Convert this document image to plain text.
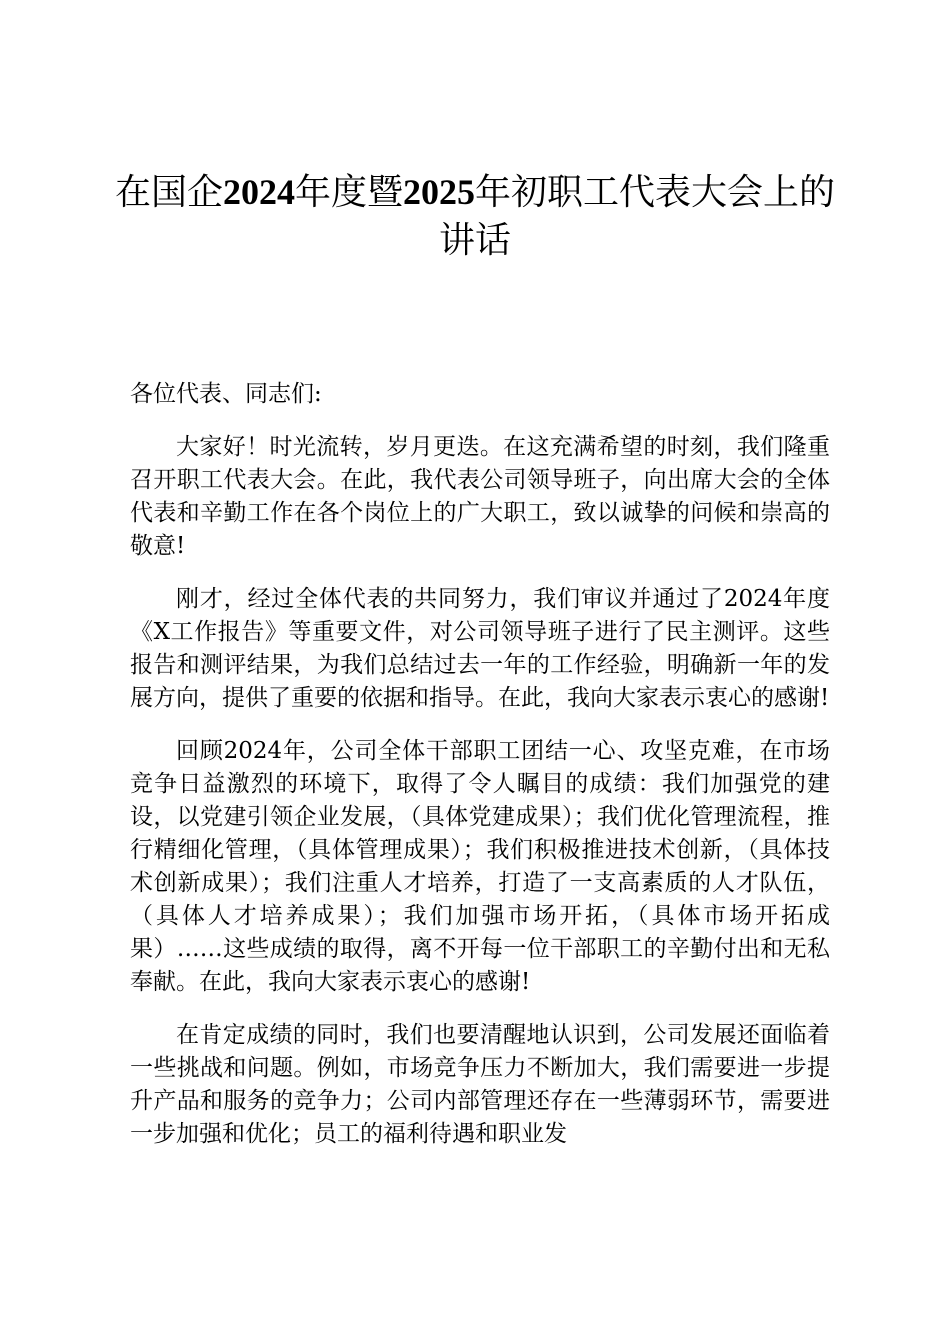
在国企2024年度暨2025年初职工代表大会上的讲话

各位代表、同志们:

大家好！时光流转，岁月更迭。在这充满希望的时刻，我们隆重召开职工代表大会。在此，我代表公司领导班子，向出席大会的全体代表和辛勤工作在各个岗位上的广大职工，致以诚挚的问候和崇高的敬意!

刚才，经过全体代表的共同努力，我们审议并通过了2024年度《X工作报告》等重要文件，对公司领导班子进行了民主测评。这些报告和测评结果，为我们总结过去一年的工作经验，明确新一年的发展方向，提供了重要的依据和指导。在此，我向大家表示衷心的感谢!

回顾2024年，公司全体干部职工团结一心、攻坚克难，在市场竞争日益激烈的环境下，取得了令人瞩目的成绩：我们加强党的建设，以党建引领企业发展，（具体党建成果）；我们优化管理流程，推行精细化管理，（具体管理成果）；我们积极推进技术创新，（具体技术创新成果）；我们注重人才培养，打造了一支高素质的人才队伍，（具体人才培养成果）；我们加强市场开拓，（具体市场开拓成果）……这些成绩的取得，离不开每一位干部职工的辛勤付出和无私奉献。在此，我向大家表示衷心的感谢!

在肯定成绩的同时，我们也要清醒地认识到，公司发展还面临着一些挑战和问题。例如，市场竞争压力不断加大，我们需要进一步提升产品和服务的竞争力；公司内部管理还存在一些薄弱环节，需要进一步加强和优化；员工的福利待遇和职业发
